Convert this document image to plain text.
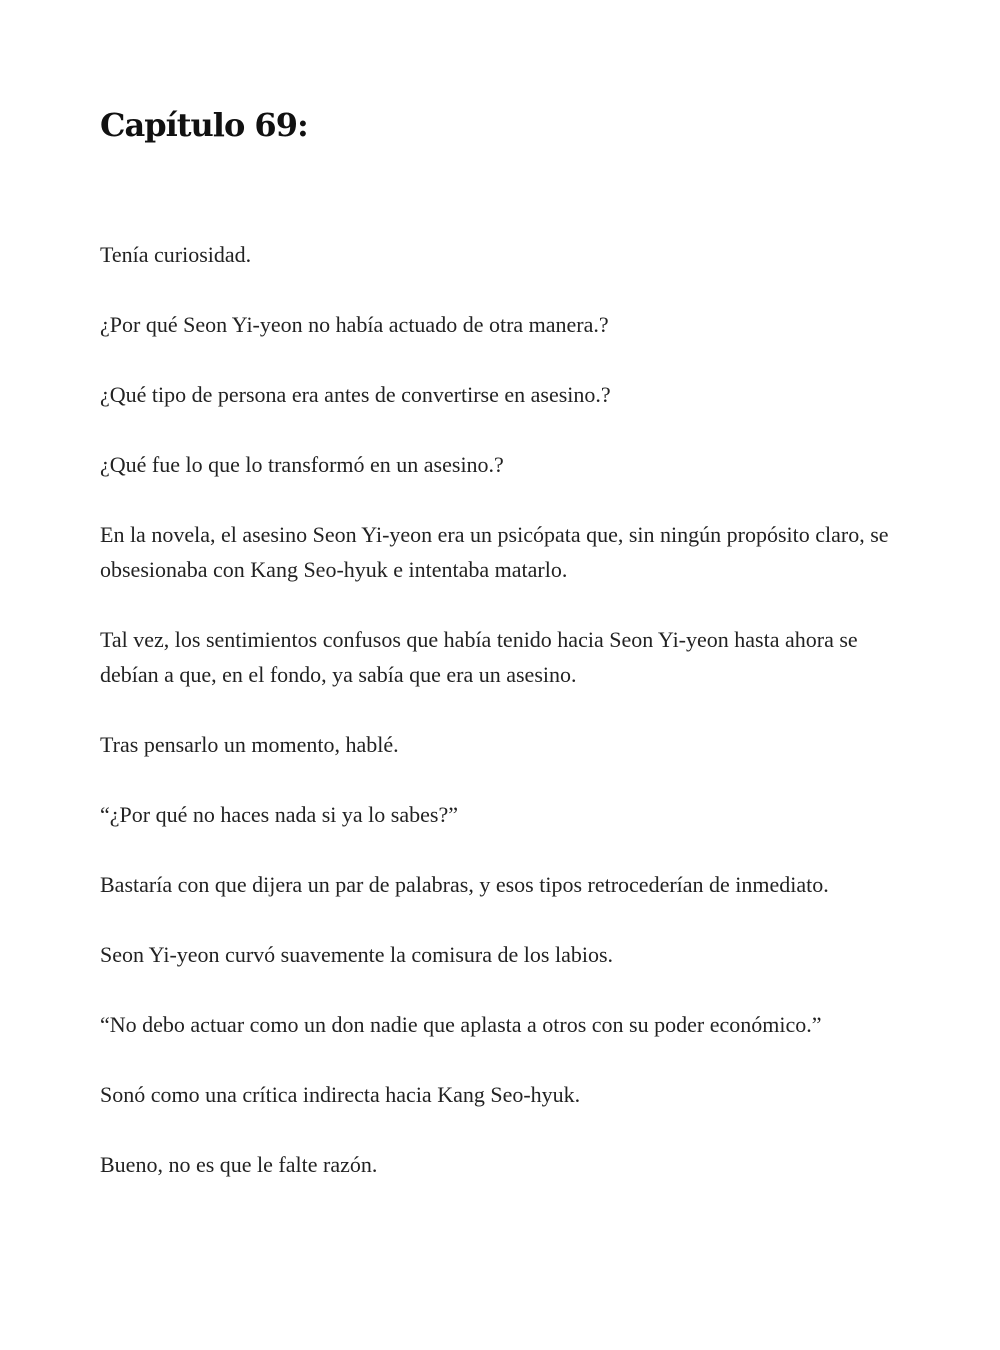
Capítulo 69:

Tenía curiosidad.

¿Por qué Seon Yi-yeon no había actuado de otra manera.?

¿Qué tipo de persona era antes de convertirse en asesino.?

¿Qué fue lo que lo transformó en un asesino.?

En la novela, el asesino Seon Yi-yeon era un psicópata que, sin ningún propósito claro, se obsesionaba con Kang Seo-hyuk e intentaba matarlo.

Tal vez, los sentimientos confusos que había tenido hacia Seon Yi-yeon hasta ahora se debían a que, en el fondo, ya sabía que era un asesino.

Tras pensarlo un momento, hablé.

“¿Por qué no haces nada si ya lo sabes?”

Bastaría con que dijera un par de palabras, y esos tipos retrocederían de inmediato.

Seon Yi-yeon curvó suavemente la comisura de los labios.

“No debo actuar como un don nadie que aplasta a otros con su poder económico.”

Sonó como una crítica indirecta hacia Kang Seo-hyuk.

Bueno, no es que le falte razón.
